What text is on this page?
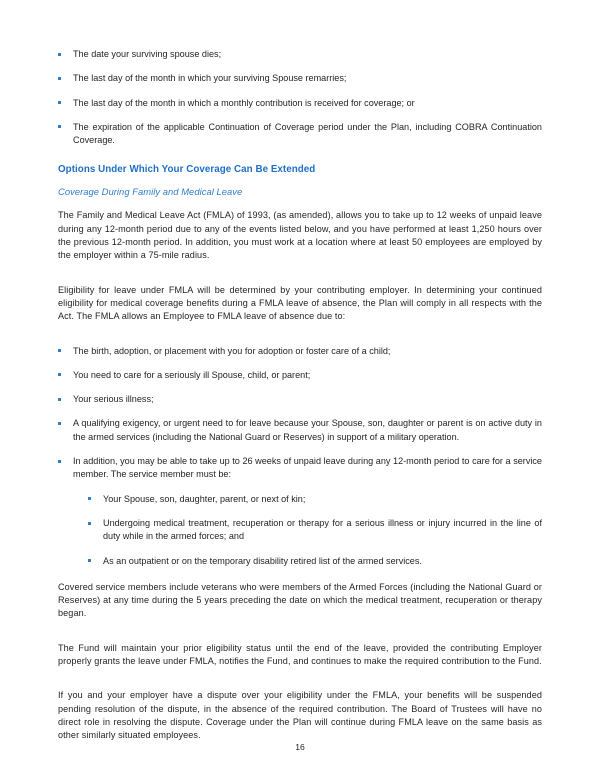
The date your surviving spouse dies;
The last day of the month in which your surviving Spouse remarries;
The last day of the month in which a monthly contribution is received for coverage; or
The expiration of the applicable Continuation of Coverage period under the Plan, including COBRA Continuation Coverage.
Options Under Which Your Coverage Can Be Extended
Coverage During Family and Medical Leave

The Family and Medical Leave Act (FMLA) of 1993, (as amended), allows you to take up to 12 weeks of unpaid leave during any 12-month period due to any of the events listed below, and you have performed at least 1,250 hours over the previous 12-month period. In addition, you must work at a location where at least 50 employees are employed by the employer within a 75-mile radius.

Eligibility for leave under FMLA will be determined by your contributing employer. In determining your continued eligibility for medical coverage benefits during a FMLA leave of absence, the Plan will comply in all respects with the Act. The FMLA allows an Employee to FMLA leave of absence due to:

The birth, adoption, or placement with you for adoption or foster care of a child;
You need to care for a seriously ill Spouse, child, or parent;
Your serious illness;
A qualifying exigency, or urgent need to for leave because your Spouse, son, daughter or parent is on active duty in the armed services (including the National Guard or Reserves) in support of a military operation.
In addition, you may be able to take up to 26 weeks of unpaid leave during any 12-month period to care for a service member. The service member must be:
Your Spouse, son, daughter, parent, or next of kin;
Undergoing medical treatment, recuperation or therapy for a serious illness or injury incurred in the line of duty while in the armed forces; and
As an outpatient or on the temporary disability retired list of the armed services.

Covered service members include veterans who were members of the Armed Forces (including the National Guard or Reserves) at any time during the 5 years preceding the date on which the medical treatment, recuperation or therapy began.

The Fund will maintain your prior eligibility status until the end of the leave, provided the contributing Employer properly grants the leave under FMLA, notifies the Fund, and continues to make the required contribution to the Fund.

If you and your employer have a dispute over your eligibility under the FMLA, your benefits will be suspended pending resolution of the dispute, in the absence of the required contribution. The Board of Trustees will have no direct role in resolving the dispute. Coverage under the Plan will continue during FMLA leave on the same basis as other similarly situated employees.

16
